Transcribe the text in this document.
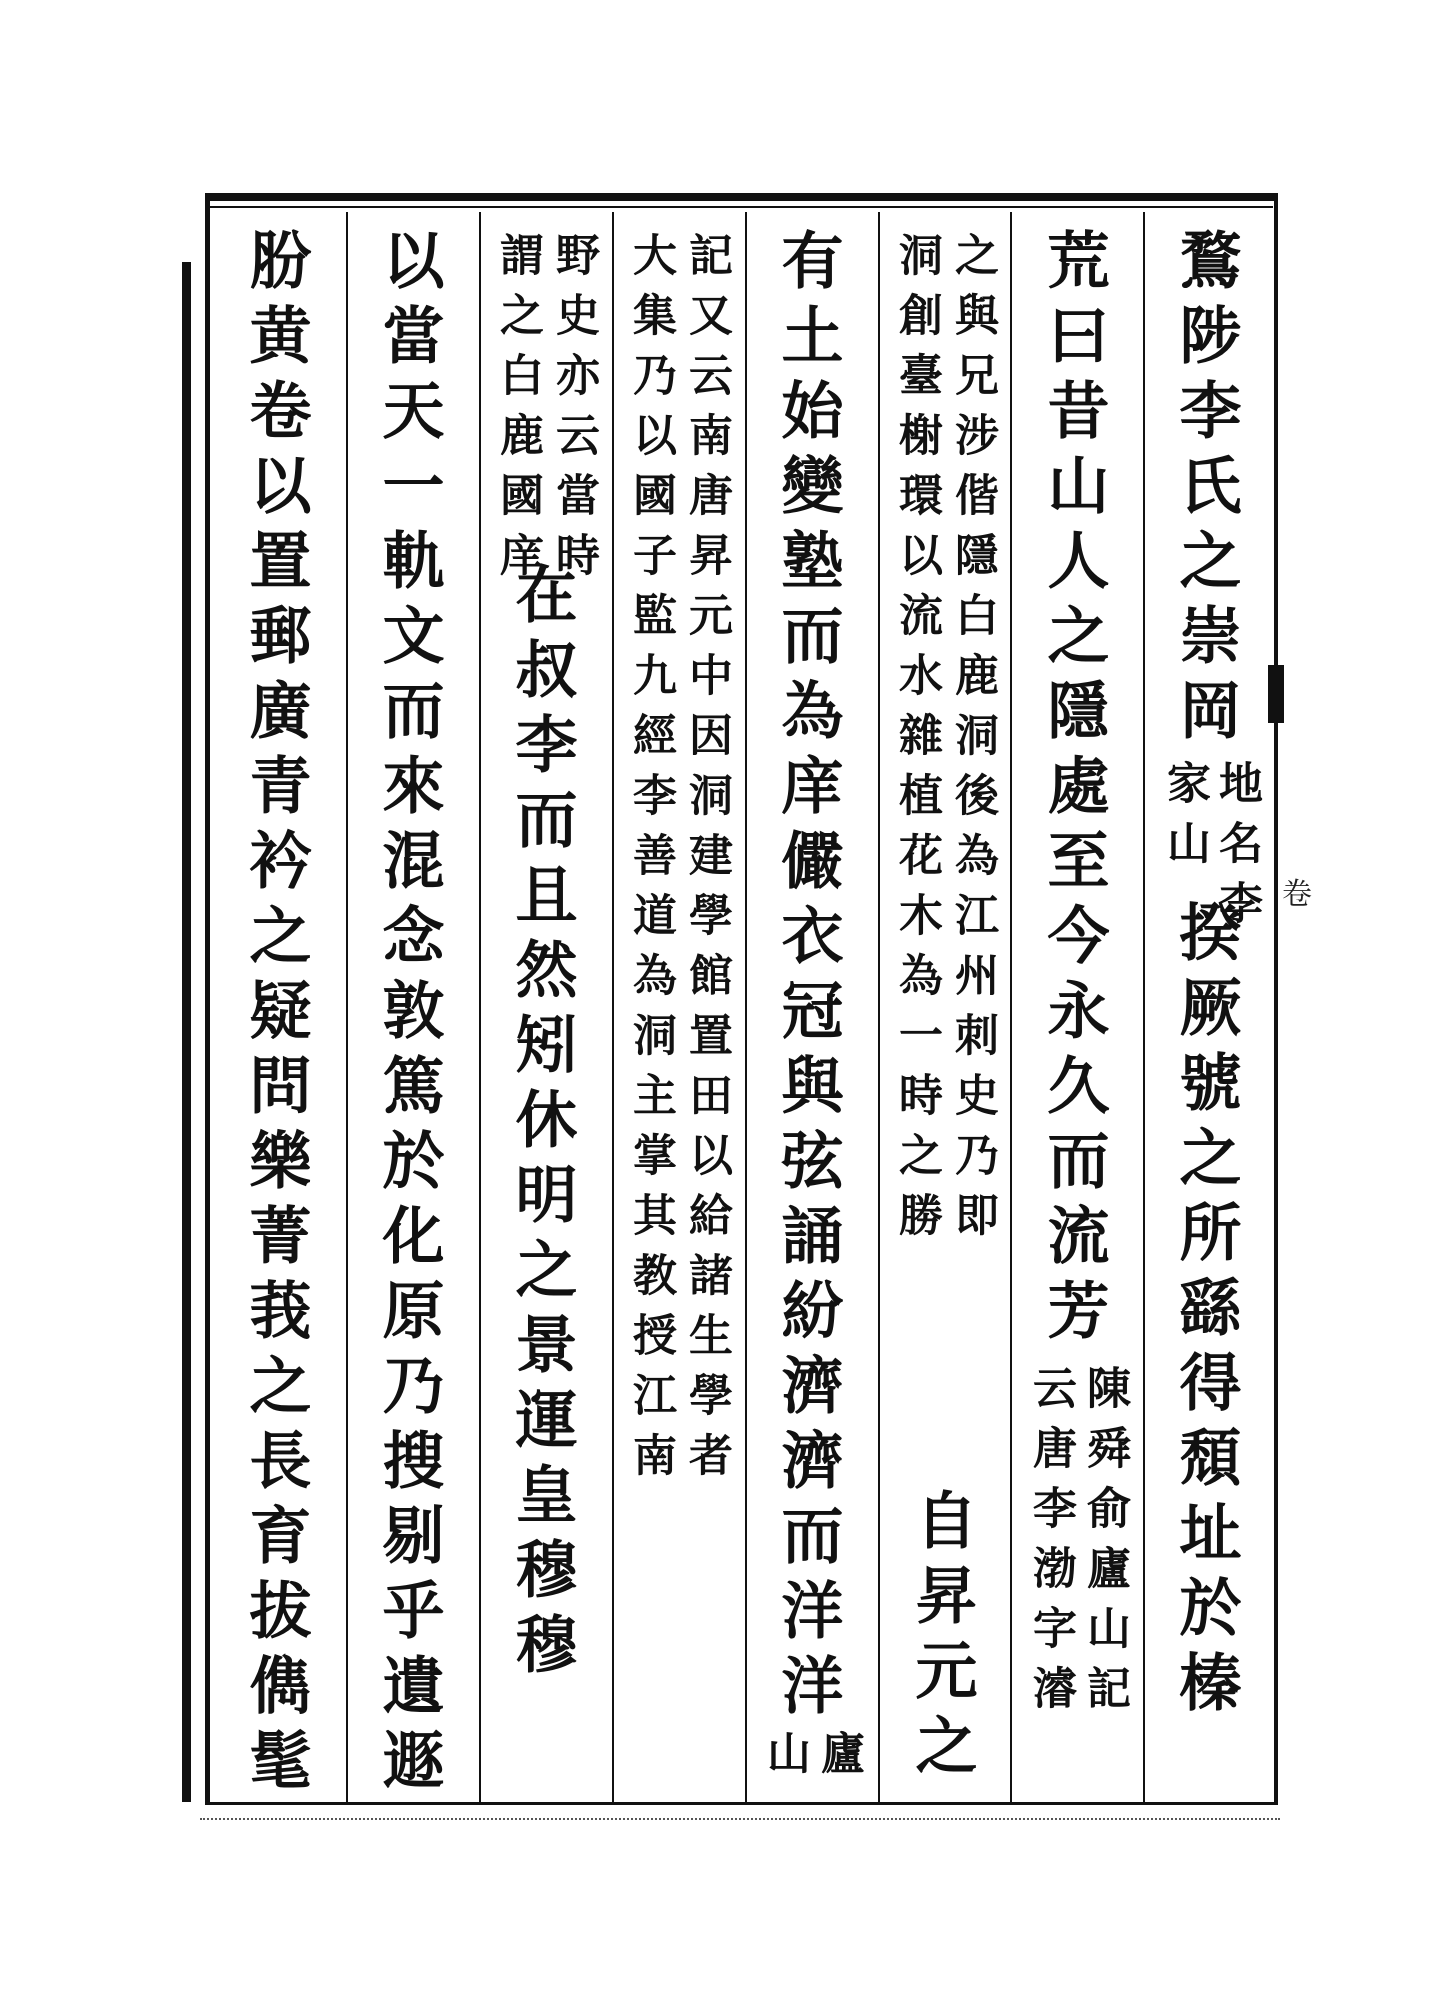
卷
鶩陟李氏之崇岡
地名李
家山
揆厥號之所繇得頹址於榛
荒曰昔山人之隱處至今永久而流芳
陳舜俞廬山記
云唐李渤字濬
之與兄涉偕隱白鹿洞後為江州刺史乃即
洞創臺榭環以流水雜植花木為一時之勝
自昇元之
有土始變塾而為庠儼衣冠與弦誦紛濟濟而洋洋
廬
山
記又云南唐昇元中因洞建學館置田以給諸生學者
大集乃以國子監九經李善道為洞主掌其教授江南
野史亦云當時
謂之白鹿國庠
在叔李而且然矧休明之景運皇穆穆
以當天一軌文而來混念敦篤於化原乃搜剔乎遺遯
肦黄卷以置郵廣青衿之疑問樂菁莪之長育拔儁髦
